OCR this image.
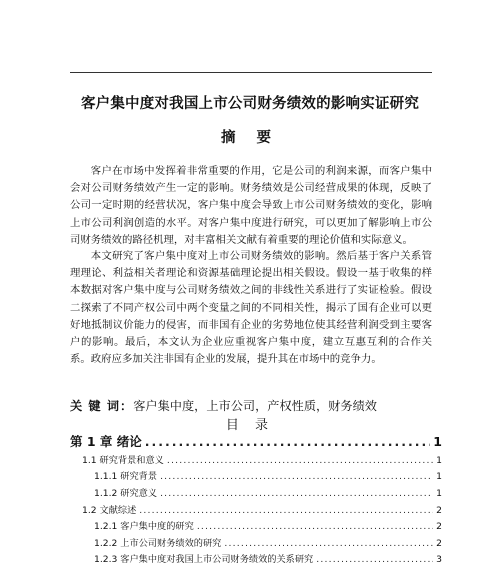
客户集中度对我国上市公司财务绩效的影响实证研究
摘 要

客户在市场中发挥着非常重要的作用，它是公司的利润来源，而客户集中会对公司财务绩效产生一定的影响。财务绩效是公司经营成果的体现，反映了公司一定时期的经营状况，客户集中度会导致上市公司财务绩效的变化，影响上市公司利润创造的水平。对客户集中度进行研究，可以更加了解影响上市公司财务绩效的路径机理，对丰富相关文献有着重要的理论价值和实际意义。

本文研究了客户集中度对上市公司财务绩效的影响。然后基于客户关系管理理论、利益相关者理论和资源基础理论提出相关假设。假设一基于收集的样本数据对客户集中度与公司财务绩效之间的非线性关系进行了实证检验。假设二探索了不同产权公司中两个变量之间的不同相关性，揭示了国有企业可以更好地抵制议价能力的侵害，而非国有企业的劣势地位使其经营利润受到主要客户的影响。最后，本文认为企业应重视客户集中度，建立互惠互利的合作关系。政府应多加关注非国有企业的发展，提升其在市场中的竞争力。

关 键 词：客户集中度，上市公司，产权性质，财务绩效
目 录
第 1 章 绪论 .....	1
1.1 研究背景和意义 .....	1
1.1.1 研究背景 .....	1
1.1.2 研究意义 .....	1
1.2 文献综述 .....	2
1.2.1 客户集中度的研究 .....	2
1.2.2 上市公司财务绩效的研究 .....	2
1.2.3 客户集中度对我国上市公司财务绩效的关系研究 .....	3
